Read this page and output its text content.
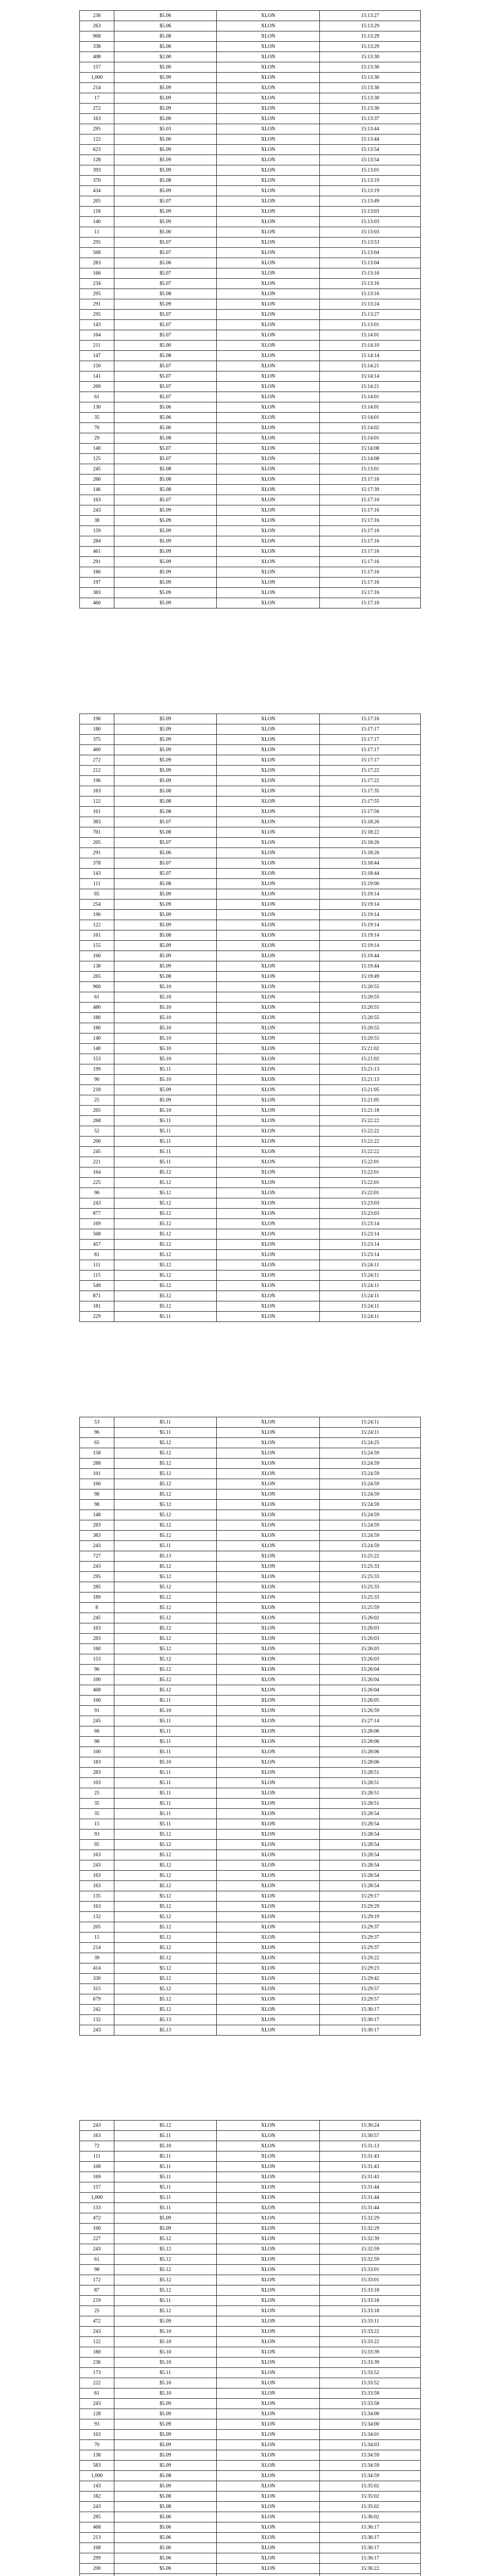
236	$5.06	XLON	15:13:27
263	$5.06	XLON	15:13:29
968	$5.08	XLON	15:13:29
338	$5.06	XLON	15:13:29
408	$2.00	XLON	15:13:30
157	$5.00	XLON	15:13:30
1,000	$5.99	XLON	15:13:30
214	$5.09	XLON	15:13:30
17	$5.09	XLON	15:13:30
272	$5.09	XLON	15:13:30
163	$5.00	XLON	15:13:37
295	$5.03	XLON	15:13:44
122	$5.00	XLON	15:13:44
623	$5.09	XLON	15:13:54
128	$5.09	XLON	15:13:54
393	$5.09	XLON	15:13:01
370	$5.08	XLON	15:13:19
434	$5.09	XLON	15:13:19
205	$5.07	XLON	15:13:49
118	$5.09	XLON	15:13:03
140	$5.09	XLON	15:13:03
11	$5.00	XLON	15:13:03
295	$5.07	XLON	15:13:53
568	$5.07	XLON	15:13:04
283	$5.06	XLON	15:13:04
166	$5.07	XLON	15:13:16
234	$5.07	XLON	15:13:16
295	$5.08	XLON	15:13:16
291	$5.09	XLON	15:13:24
295	$5.07	XLON	15:13:27
143	$5.07	XLON	15:13:01
164	$5.07	XLON	15:14:01
211	$5.00	XLON	15:14:10
147	$5.08	XLON	15:14:14
150	$5.07	XLON	15:14:21
141	$5.07	XLON	15:14:14
269	$5.07	XLON	15:14:21
61	$5.07	XLON	15:14:01
130	$5.06	XLON	15:14:01
35	$5.06	XLON	15:14:01
70	$5.06	XLON	15:14:02
29	$5.08	XLON	15:14:01
140	$5.07	XLON	15:14:08
125	$5.07	XLON	15:14:08
245	$5.08	XLON	15:13:01
266	$5.08	XLON	15:17:16
146	$5.08	XLON	15:17:39
163	$5.07	XLON	15:17:10
243	$5.09	XLON	15:17:16
38	$5.09	XLON	15:17:16
159	$5.09	XLON	15:17:16
284	$5.09	XLON	15:17:16
461	$5.09	XLON	15:17:16
291	$5.09	XLON	15:17:16
186	$5.09	XLON	15:17:16
197	$5.09	XLON	15:17:16
383	$5.09	XLON	15:17:16
460	$5.09	XLON	15:17:16
196	$5.09	XLON	15:17:16
180	$5.09	XLON	15:17:17
375	$5.09	XLON	15:17:17
460	$5.09	XLON	15:17:17
272	$5.09	XLON	15:17:17
212	$5.09	XLON	15:17:22
196	$5.09	XLON	15:17:22
163	$5.08	XLON	15:17:35
122	$5.08	XLON	15:17:55
161	$5.08	XLON	15:17:56
383	$5.07	XLON	15:18:26
701	$5.08	XLON	15:18:22
205	$5.07	XLON	15:18:26
291	$5.06	XLON	15:18:26
378	$5.07	XLON	15:18:44
143	$5.07	XLON	15:18:44
111	$5.08	XLON	15:19:06
65	$5.09	XLON	15:19:14
254	$5.09	XLON	15:19:14
196	$5.09	XLON	15:19:14
122	$5.09	XLON	15:19:14
161	$5.08	XLON	15:19:14
155	$5.09	XLON	15:19:14
160	$5.09	XLON	15:19:44
138	$5.09	XLON	15:19:44
265	$5.08	XLON	15:19:49
960	$5.10	XLON	15:20:55
61	$5.10	XLON	15:20:55
480	$5.10	XLON	15:20:55
180	$5.10	XLON	15:20:55
180	$5.10	XLON	15:20:55
140	$5.10	XLON	15:20:55
140	$5.10	XLON	15:21:02
153	$5.10	XLON	15:21:02
199	$5.11	XLON	15:21:13
90	$5.10	XLON	15:21:13
218	$5.09	XLON	15:21:05
25	$5.09	XLON	15:21:05
265	$5.10	XLON	15:21:18
268	$5.11	XLON	15:22:22
52	$5.11	XLON	15:22:22
200	$5.11	XLON	15:22:22
245	$5.11	XLON	15:22:22
221	$5.11	XLON	15:22:01
164	$5.12	XLON	15:22:01
225	$5.12	XLON	15:22:01
96	$5.12	XLON	15:22:01
243	$5.12	XLON	15:23:03
877	$5.12	XLON	15:23:03
169	$5.12	XLON	15:23:14
568	$5.12	XLON	15:23:14
457	$5.12	XLON	15:23:14
81	$5.12	XLON	15:23:14
111	$5.12	XLON	15:24:11
115	$5.12	XLON	15:24:11
549	$5.12	XLON	15:24:11
871	$5.12	XLON	15:24:11
181	$5.12	XLON	15:24:11
229	$5.11	XLON	15:24:11
53	$5.11	XLON	15:24:11
96	$5.11	XLON	15:24:11
65	$5.12	XLON	15:24:25
158	$5.12	XLON	15:24:59
288	$5.12	XLON	15:24:59
101	$5.12	XLON	15:24:59
160	$5.12	XLON	15:24:59
98	$5.12	XLON	15:24:59
98	$5.12	XLON	15:24:59
148	$5.12	XLON	15:24:59
283	$5.12	XLON	15:24:59
383	$5.12	XLON	15:24:59
243	$5.11	XLON	15:24:59
727	$5.13	XLON	15:25:22
243	$5.12	XLON	15:25:33
295	$5.12	XLON	15:25:33
285	$5.12	XLON	15:25:33
189	$5.12	XLON	15:25:33
8	$5.12	XLON	15:25:59
245	$5.12	XLON	15:26:02
163	$5.12	XLON	15:26:03
283	$5.12	XLON	15:26:03
160	$5.12	XLON	15:26:03
153	$5.12	XLON	15:26:03
96	$5.12	XLON	15:26:04
100	$5.12	XLON	15:26:04
468	$5.12	XLON	15:26:04
160	$5.11	XLON	15:26:05
91	$5.10	XLON	15:26:59
245	$5.11	XLON	15:27:14
66	$5.11	XLON	15:28:06
98	$5.11	XLON	15:28:06
100	$5.11	XLON	15:28:06
183	$5.10	XLON	15:28:06
283	$5.11	XLON	15:28:51
103	$5.11	XLON	15:28:51
25	$5.11	XLON	15:28:51
35	$5.11	XLON	15:28:51
35	$5.11	XLON	15:28:54
15	$5.11	XLON	15:28:54
93	$5.12	XLON	15:28:54
95	$5.12	XLON	15:28:54
163	$5.12	XLON	15:28:54
243	$5.12	XLON	15:28:54
163	$5.12	XLON	15:28:54
163	$5.12	XLON	15:28:54
135	$5.12	XLON	15:29:17
163	$5.12	XLON	15:29:29
132	$5.12	XLON	15:29:19
205	$5.12	XLON	15:29:37
15	$5.12	XLON	15:29:37
214	$5.12	XLON	15:29:37
39	$5.12	XLON	15:29:22
414	$5.12	XLON	15:29:23
330	$5.12	XLON	15:29:42
315	$5.12	XLON	15:29:57
679	$5.12	XLON	15:29:57
242	$5.12	XLON	15:30:17
132	$5.13	XLON	15:30:17
243	$5.13	XLON	15:30:17
243	$5.12	XLON	15:30:24
163	$5.11	XLON	15:30:57
72	$5.10	XLON	15:31:13
111	$5.11	XLON	15:31:43
168	$5.11	XLON	15:31:43
169	$5.11	XLON	15:31:43
157	$5.11	XLON	15:31:44
1,000	$5.11	XLON	15:31:44
133	$5.11	XLON	15:31:44
472	$5.09	XLON	15:32:29
160	$5.09	XLON	15:32:29
227	$5.12	XLON	15:32:39
243	$5.12	XLON	15:32:59
61	$5.12	XLON	15:32:59
98	$5.12	XLON	15:33:01
172	$5.12	XLON	15:33:01
87	$5.12	XLON	15:33:18
219	$5.11	XLON	15:33:18
25	$5.12	XLON	15:33:18
472	$5.09	XLON	15:33:11
243	$5.10	XLON	15:33:22
122	$5.10	XLON	15:33:22
180	$5.10	XLON	15:33:39
236	$5.10	XLON	15:33:39
173	$5.11	XLON	15:33:52
222	$5.10	XLON	15:33:52
61	$5.10	XLON	15:33:58
243	$5.09	XLON	15:33:58
128	$5.09	XLON	15:34:00
93	$5.09	XLON	15:34:00
163	$5.09	XLON	15:34:01
70	$5.09	XLON	15:34:03
138	$5.09	XLON	15:34:59
583	$5.09	XLON	15:34:59
1,000	$5.08	XLON	15:34:59
143	$5.09	XLON	15:35:02
182	$5.08	XLON	15:35:02
243	$5.08	XLON	15:35:02
285	$5.06	XLON	15:36:02
468	$5.06	XLON	15:36:17
213	$5.06	XLON	15:36:17
168	$5.06	XLON	15:36:17
299	$5.06	XLON	15:36:17
200	$5.06	XLON	15:36:22
